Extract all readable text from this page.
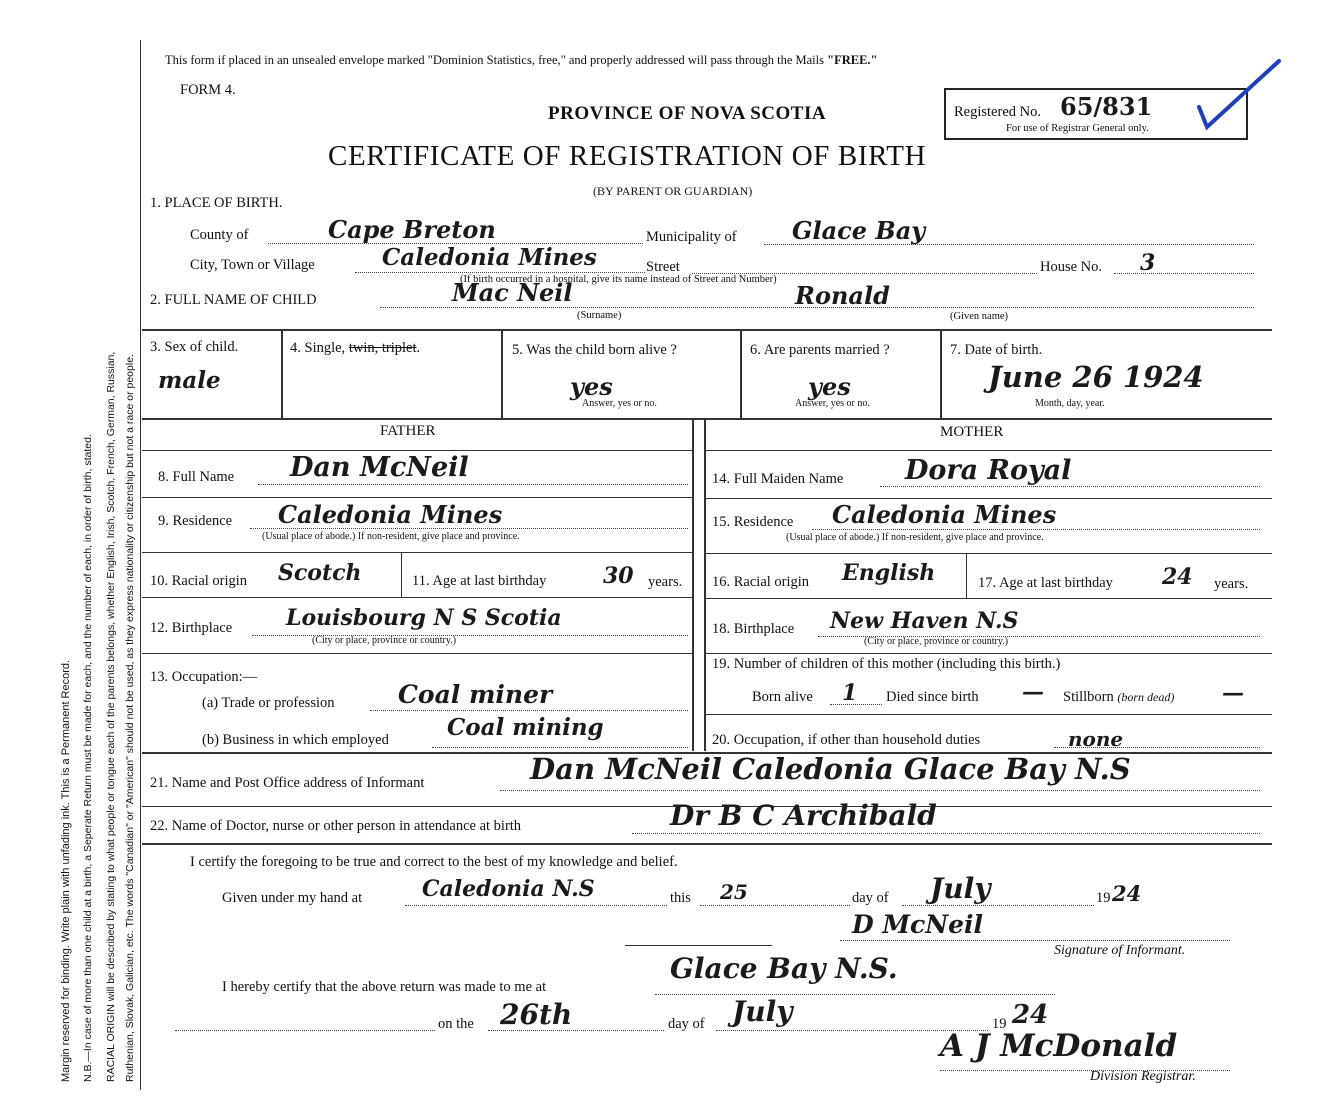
Margin reserved for binding. Write plain with unfading ink. This is a Permanent Record. N.B.—In case of more than one child at a birth, a Seperate Return must be made for each, and the number of each, in order of birth, stated. RACIAL ORIGIN will be described by stating to what people or tongue each of the parents belongs, whether English, Irish, Scotch, French, German, Russian, Ruthenian, Slovak, Galician, etc. The words "Canadian" or "American" should not be used, as they express nationality or citizenship but not a race or people.
This form if placed in an unsealed envelope marked "Dominion Statistics, free," and properly addressed will pass through the Mails "FREE."
FORM 4.
PROVINCE OF NOVA SCOTIA	Registered No. 65/831
For use of Registrar General only.
CERTIFICATE OF REGISTRATION OF BIRTH
(BY PARENT OR GUARDIAN)
1. PLACE OF BIRTH.
County of	Cape Breton	Municipality of Glace Bay
City, Town or Village	Caledonia Mines	Street	House No. 3
(If birth occurred in a hospital, give its name instead of Street and Number)
2. FULL NAME OF CHILD	Mac Neil
(Surname)
Ronald
(Given name)
3. Sex of child.
male
4. Single, twin, triplet.	5. Was the child born alive ?
yes
Answer, yes or no.
6. Are parents married ?
yes
Answer, yes or no.
7. Date of birth.
June 26 1924
Month, day, year.
FATHER	MOTHER
8. Full Name Dan McNeil
9. Residence Caledonia Mines
(Usual place of abode.) If non-resident, give place and province.
10. Racial origin Scotch	11. Age at last birthday	30 years.
12. Birthplace Louisbourg N S Scotia
(City or place, province or country.)
13. Occupation:—
(a) Trade or profession	Coal miner
(b) Business in which employed	Coal mining
14. Full Maiden Name Dora Royal
15. Residence Caledonia Mines
(Usual place of abode.) If non-resident, give place and province.
16. Racial origin English	17. Age at last birthday 24 years.
18. Birthplace New Haven N.S
(City or place, province or country.)
19. Number of children of this mother (including this birth.)
Born alive 1 Died since birth — Stillborn (born dead) —
20. Occupation, if other than household duties	none
21. Name and Post Office address of Informant	Dan McNeil Caledonia Glace Bay N.S
22. Name of Doctor, nurse or other person in attendance at birth	Dr B C Archibald
I certify the foregoing to be true and correct to the best of my knowledge and belief.
Given under my hand at	Caledonia N.S	this 25	day of July	19 24
D McNeil
Signature of Informant.
I hereby certify that the above return was made to me at
Glace Bay N.S.
on the 26th	day of July	19 24
A J McDonald
Division Registrar.
